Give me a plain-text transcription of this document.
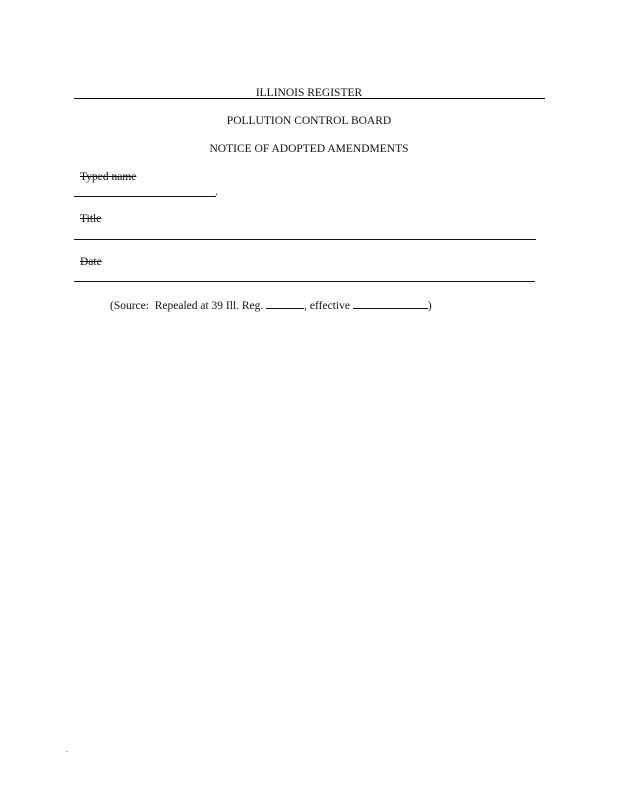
ILLINOIS REGISTER
POLLUTION CONTROL BOARD
NOTICE OF ADOPTED AMENDMENTS
Typed name
.
Title
Date
(Source:  Repealed at 39 Ill. Reg.	, effective	)
.
